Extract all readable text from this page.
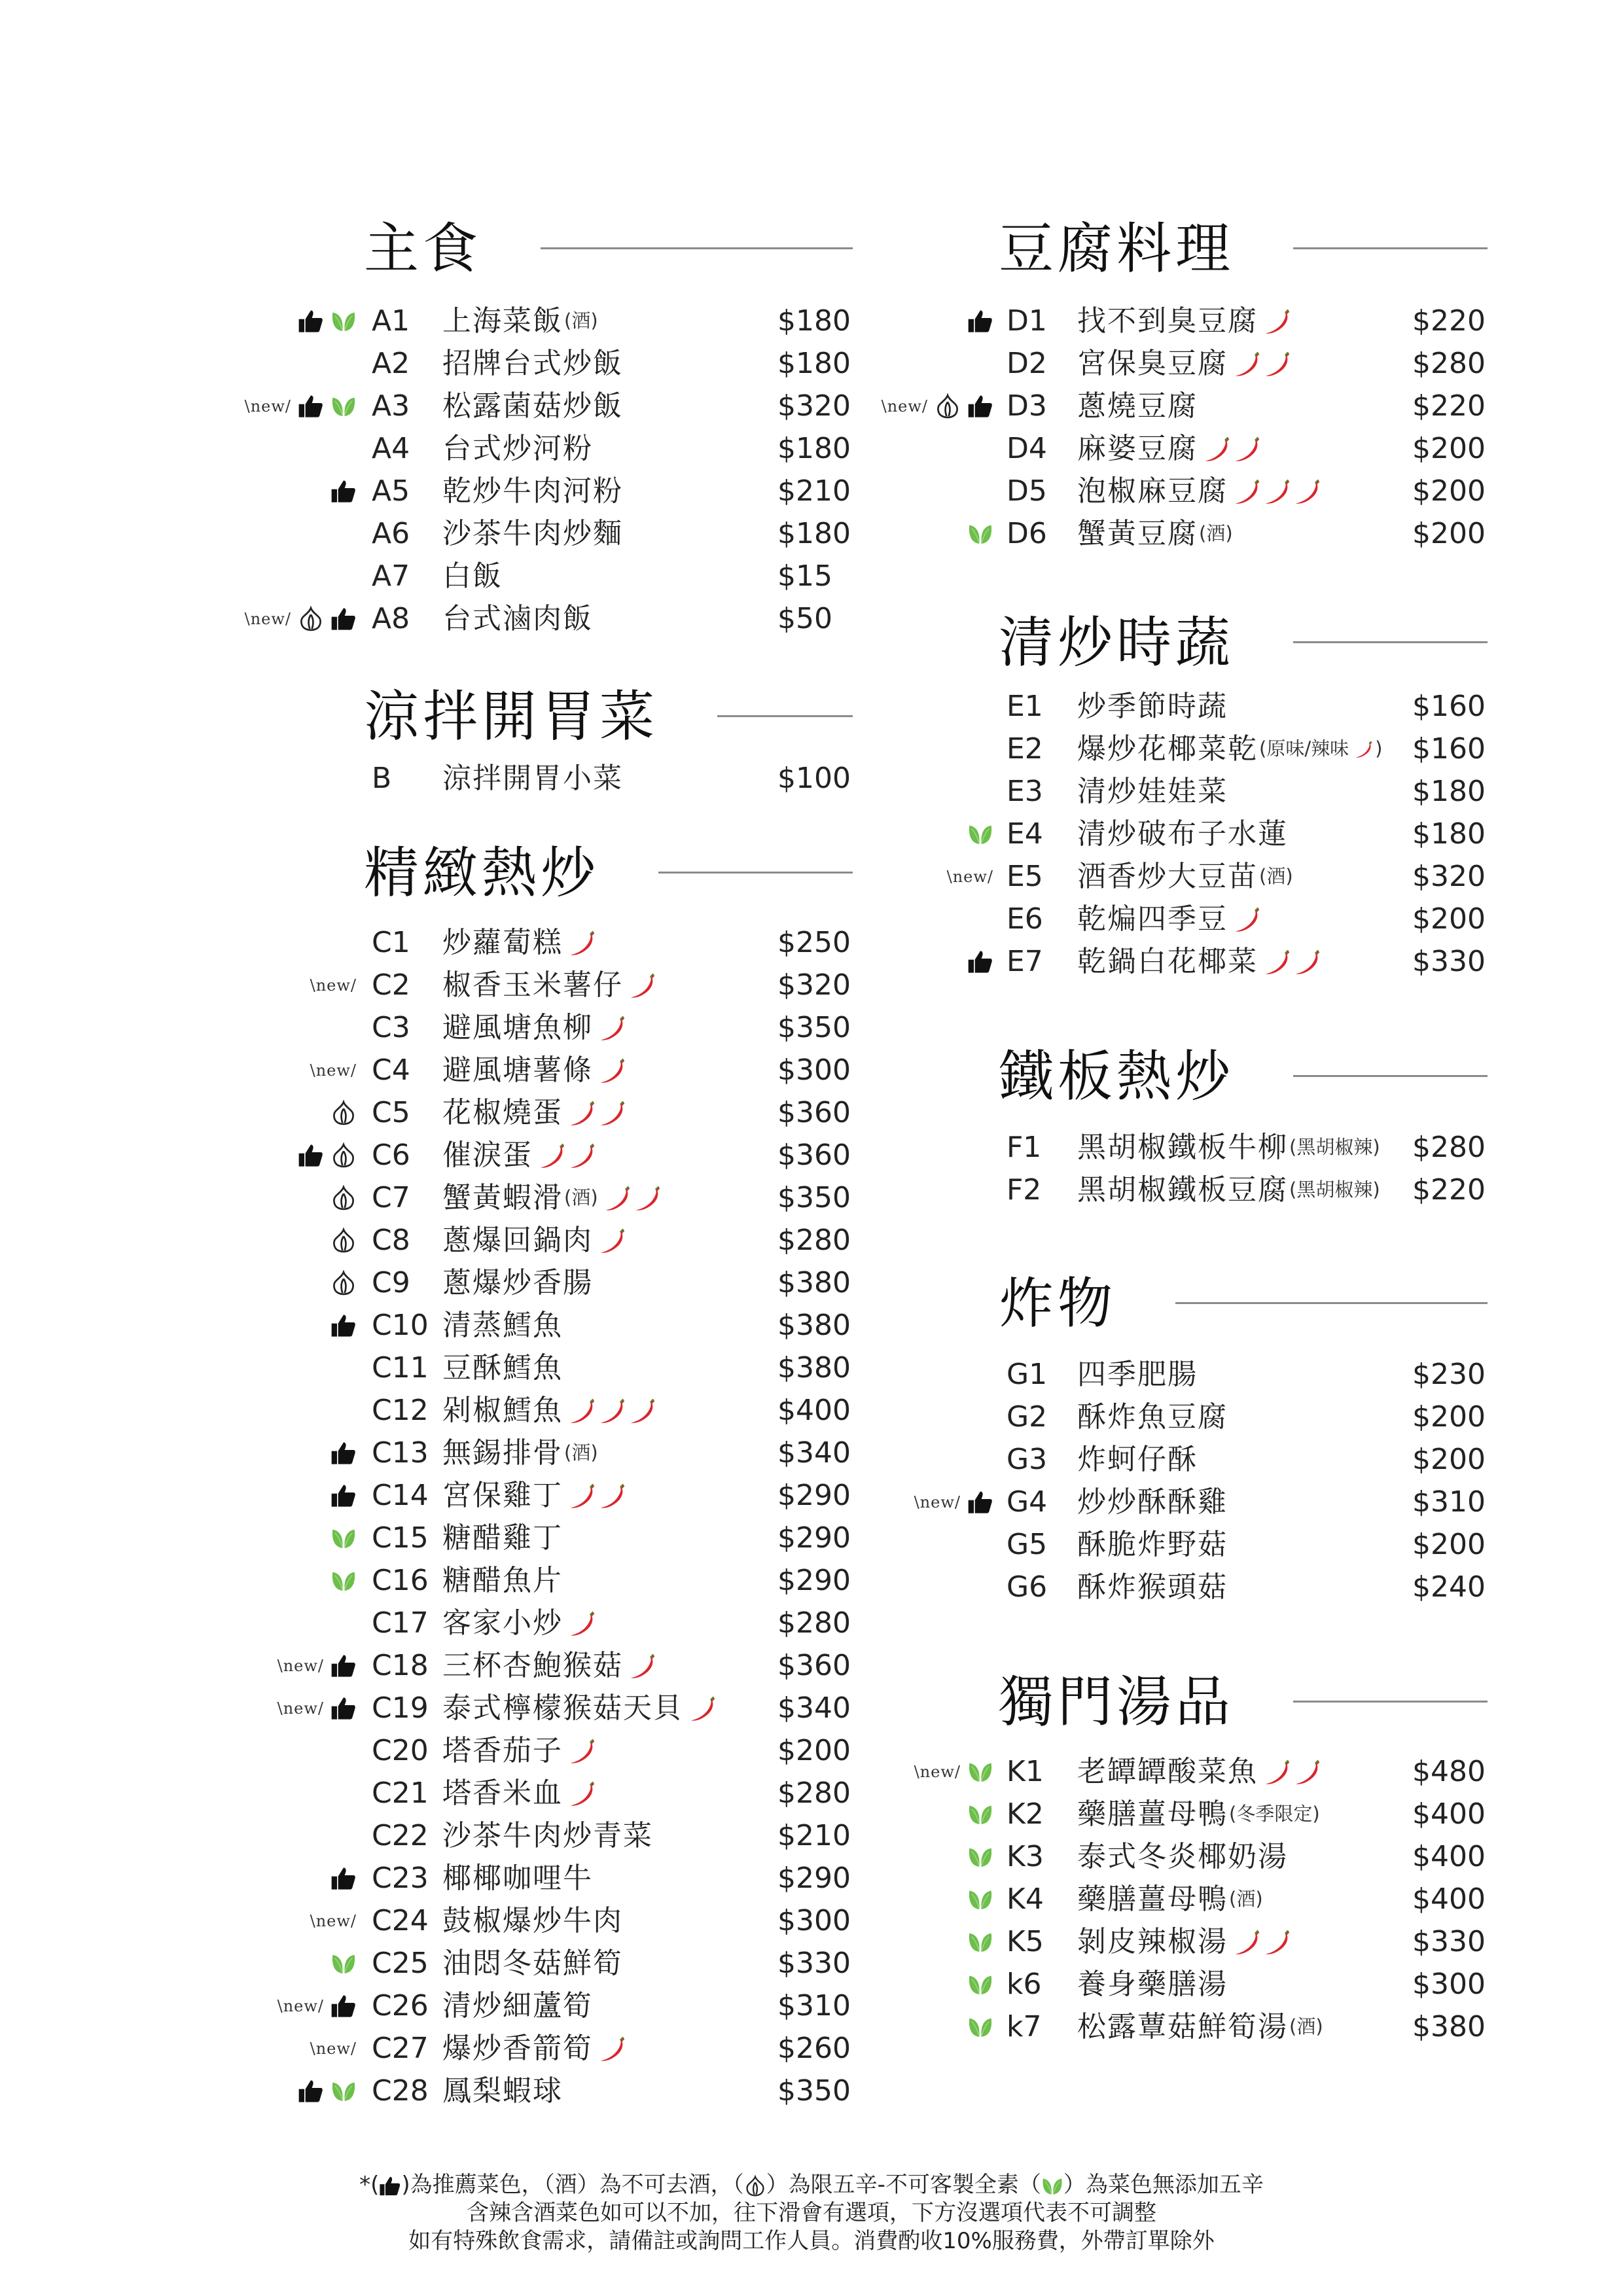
主食
A1 上海菜飯 (酒)	$180
A2 招牌台式炒飯	$180
\new/	A3 松露菌菇炒飯	$320
A4 台式炒河粉	$180
A5 乾炒牛肉河粉	$210
A6 沙茶牛肉炒麵	$180
A7 白飯	$15
\new/	A8 台式滷肉飯	$50
涼拌開胃菜
B 涼拌開胃小菜	$100
精緻熱炒
C1 炒蘿蔔糕	$250
\new/ C2 椒香玉米薯仔	$320
C3 避風塘魚柳	$350
\new/ C4 避風塘薯條	$300
C5 花椒燒蛋	$360
C6 催淚蛋	$360
C7 蟹黃蝦滑 (酒)	$350
C8 蔥爆回鍋肉	$280
C9 蔥爆炒香腸	$380
C10 清蒸鱈魚	$380
C11 豆酥鱈魚	$380
C12 剁椒鱈魚	$400
C13 無錫排骨 (酒)	$340
C14 宮保雞丁	$290
C15 糖醋雞丁	$290
C16 糖醋魚片	$290
C17 客家小炒	$280
\new/ C18 三杯杏鮑猴菇	$360
\new/ C19 泰式檸檬猴菇天貝	$340
C20 塔香茄子	$200
C21 塔香米血	$280
C22 沙茶牛肉炒青菜	$210
C23 椰椰咖哩牛	$290
\new/ C24 鼓椒爆炒牛肉	$300
C25 油悶冬菇鮮筍	$330
\new/ C26 清炒細蘆筍	$310
\new/ C27 爆炒香箭筍	$260
C28 鳳梨蝦球	$350
豆腐料理
D1 找不到臭豆腐	$220
D2 宮保臭豆腐	$280
\new/	D3 蔥燒豆腐	$220
D4 麻婆豆腐	$200
D5 泡椒麻豆腐	$200
D6 蟹黃豆腐 (酒)	$200
清炒時蔬
E1 炒季節時蔬	$160
E2 爆炒花椰菜乾 (原味/辣味 ) $160
E3 清炒娃娃菜	$180
E4 清炒破布子水蓮	$180
\new/ E5 酒香炒大豆苗 (酒)	$320
E6 乾煸四季豆	$200
E7 乾鍋白花椰菜	$330
鐵板熱炒
F1 黑胡椒鐵板牛柳 (黑胡椒辣) $280
F2 黑胡椒鐵板豆腐 (黑胡椒辣) $220
炸物
G1 四季肥腸	$230
G2 酥炸魚豆腐	$200
G3 炸蚵仔酥	$200
\new/ G4 炒炒酥酥雞	$310
G5 酥脆炸野菇	$200
G6 酥炸猴頭菇	$240
獨門湯品
\new/ K1 老罈罈酸菜魚	$480
K2 藥膳薑母鴨 (冬季限定)	$400
K3 泰式冬炎椰奶湯	$400
K4 藥膳薑母鴨 (酒)	$400
K5 剝皮辣椒湯	$330
k6 養身藥膳湯	$300
k7 松露蕈菇鮮筍湯 (酒)	$380
*( )為推薦菜色，（酒）為不可去酒，（ ）為限五辛-不可客製全素（ ）為菜色無添加五辛
含辣含酒菜色如可以不加，往下滑會有選項，下方沒選項代表不可調整
如有特殊飲食需求，請備註或詢問工作人員。消費酌收10%服務費，外帶訂單除外
